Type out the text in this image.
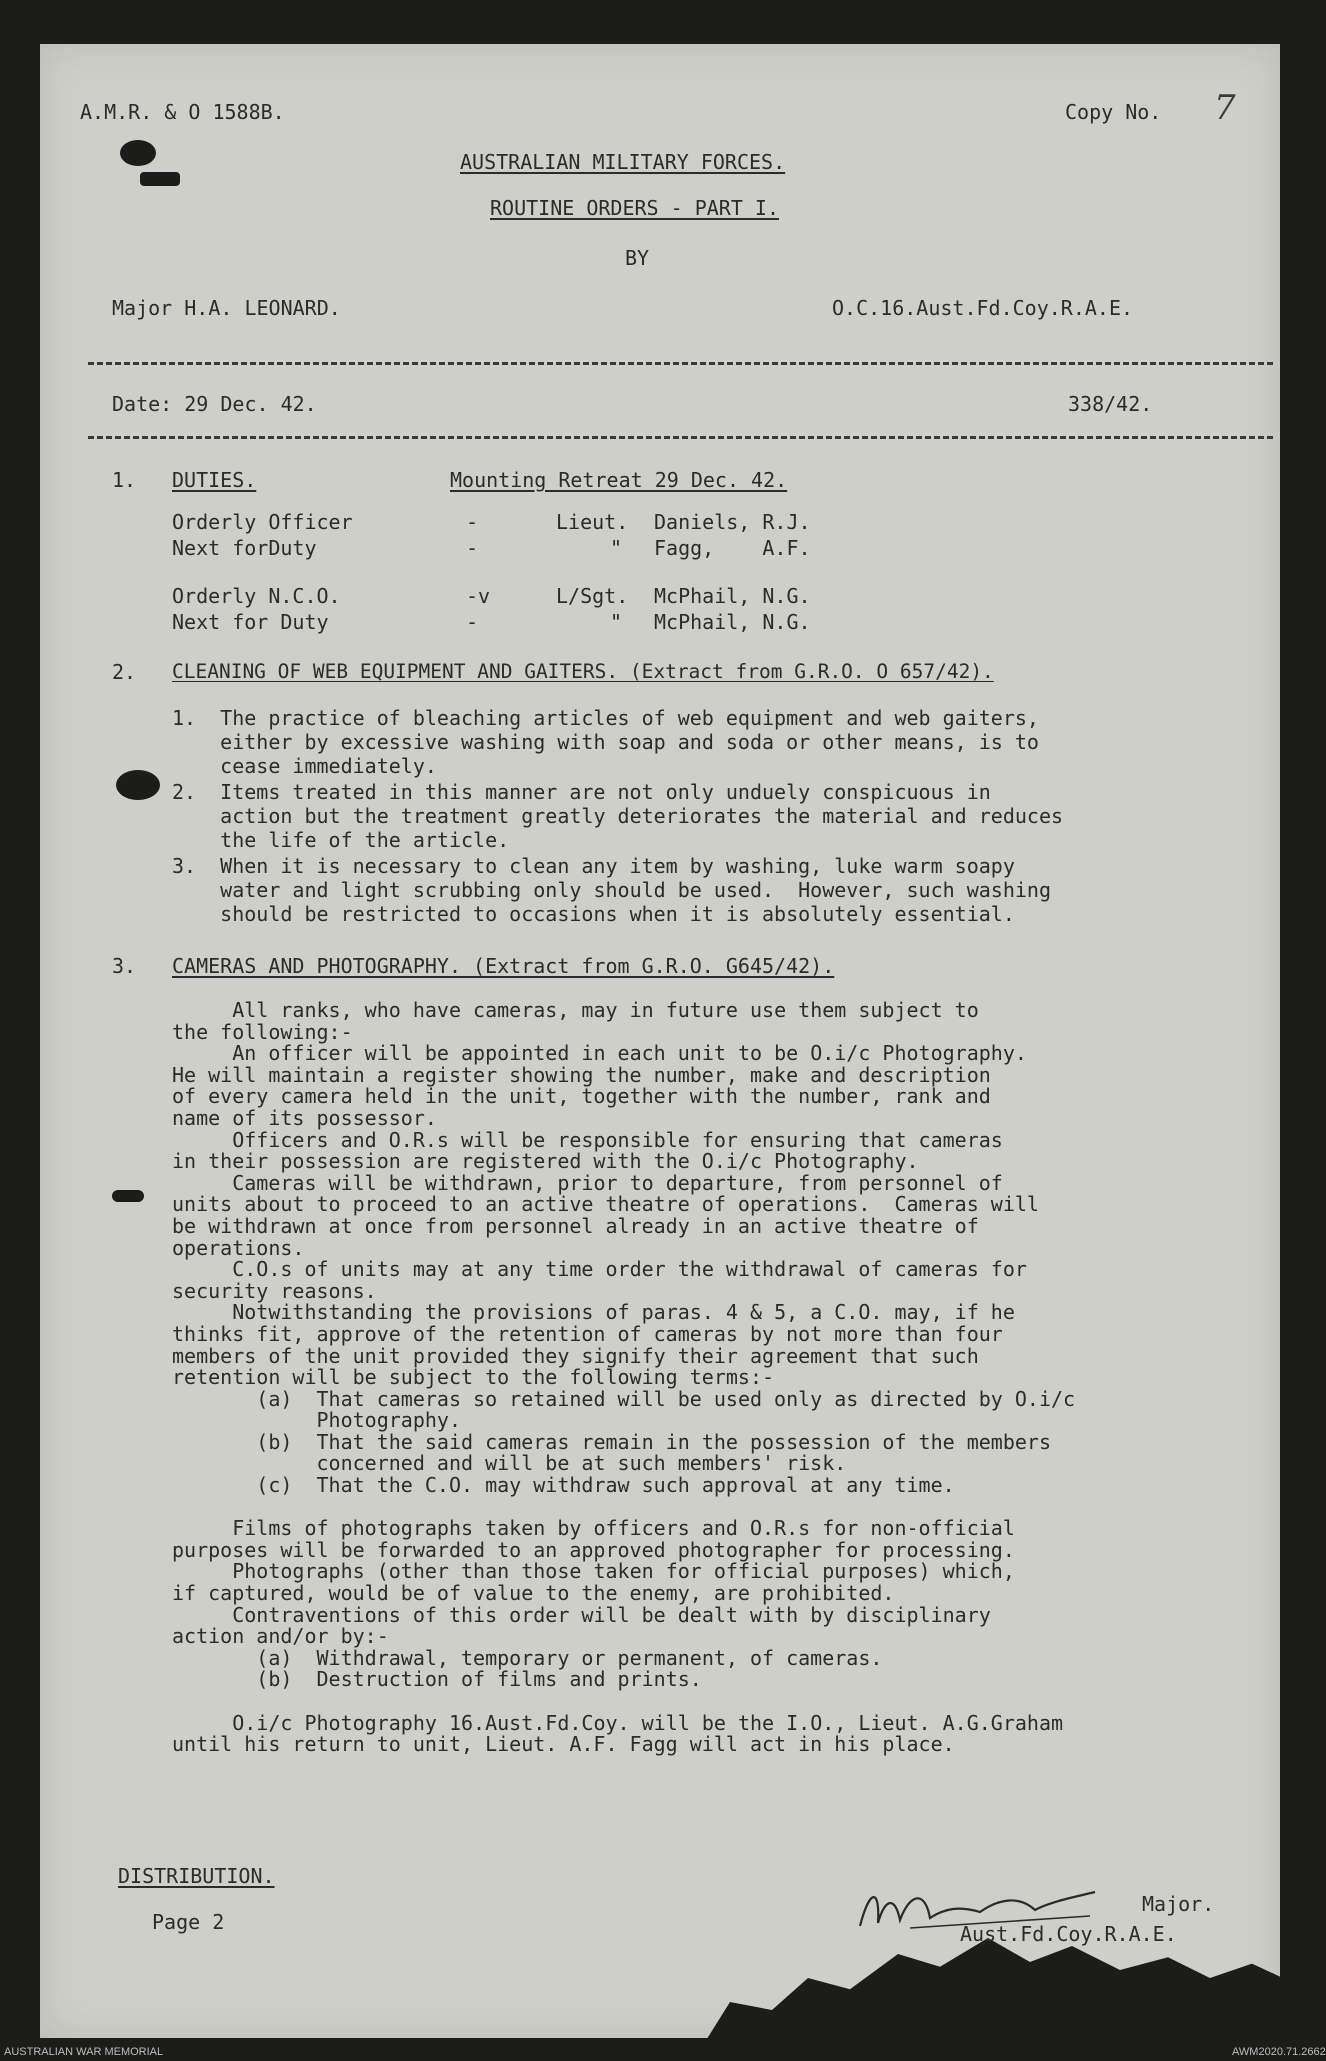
A.M.R. & O 1588B.	Copy No. 7
AUSTRALIAN MILITARY FORCES.
ROUTINE ORDERS - PART I.
BY
Major H.A. LEONARD.	O.C.16.Aust.Fd.Coy.R.A.E.
Date: 29 Dec. 42.	338/42.
1. DUTIES.	Mounting Retreat 29 Dec. 42.
Orderly Officer	-	Lieut. Daniels, R.J.
Next forDuty	-	" Fagg,    A.F.
Orderly N.C.O.	-v	L/Sgt. McPhail, N.G.
Next for Duty	-	" McPhail, N.G.
2. CLEANING OF WEB EQUIPMENT AND GAITERS. (Extract from G.R.O. O 657/42).
1.  The practice of bleaching articles of web equipment and web gaiters,
either by excessive washing with soap and soda or other means, is to
cease immediately.
2.  Items treated in this manner are not only unduely conspicuous in
action but the treatment greatly deteriorates the material and reduces
the life of the article.
3.  When it is necessary to clean any item by washing, luke warm soapy
water and light scrubbing only should be used.  However, such washing
should be restricted to occasions when it is absolutely essential.
3. CAMERAS AND PHOTOGRAPHY. (Extract from G.R.O. G645/42).
All ranks, who have cameras, may in future use them subject to
the following:-
An officer will be appointed in each unit to be O.i/c Photography.
He will maintain a register showing the number, make and description
of every camera held in the unit, together with the number, rank and
name of its possessor.
Officers and O.R.s will be responsible for ensuring that cameras
in their possession are registered with the O.i/c Photography.
Cameras will be withdrawn, prior to departure, from personnel of
units about to proceed to an active theatre of operations.  Cameras will
be withdrawn at once from personnel already in an active theatre of
operations.
C.O.s of units may at any time order the withdrawal of cameras for
security reasons.
Notwithstanding the provisions of paras. 4 & 5, a C.O. may, if he
thinks fit, approve of the retention of cameras by not more than four
members of the unit provided they signify their agreement that such
retention will be subject to the following terms:-
(a)  That cameras so retained will be used only as directed by O.i/c
Photography.
(b)  That the said cameras remain in the possession of the members
concerned and will be at such members' risk.
(c)  That the C.O. may withdraw such approval at any time.

Films of photographs taken by officers and O.R.s for non-official
purposes will be forwarded to an approved photographer for processing.
Photographs (other than those taken for official purposes) which,
if captured, would be of value to the enemy, are prohibited.
Contraventions of this order will be dealt with by disciplinary
action and/or by:-
(a)  Withdrawal, temporary or permanent, of cameras.
(b)  Destruction of films and prints.

O.i/c Photography 16.Aust.Fd.Coy. will be the I.O., Lieut. A.G.Graham
until his return to unit, Lieut. A.F. Fagg will act in his place.
DISTRIBUTION.
Page 2
Major.
Aust.Fd.Coy.R.A.E.
AUSTRALIAN WAR MEMORIAL	AWM2020.71.2662
